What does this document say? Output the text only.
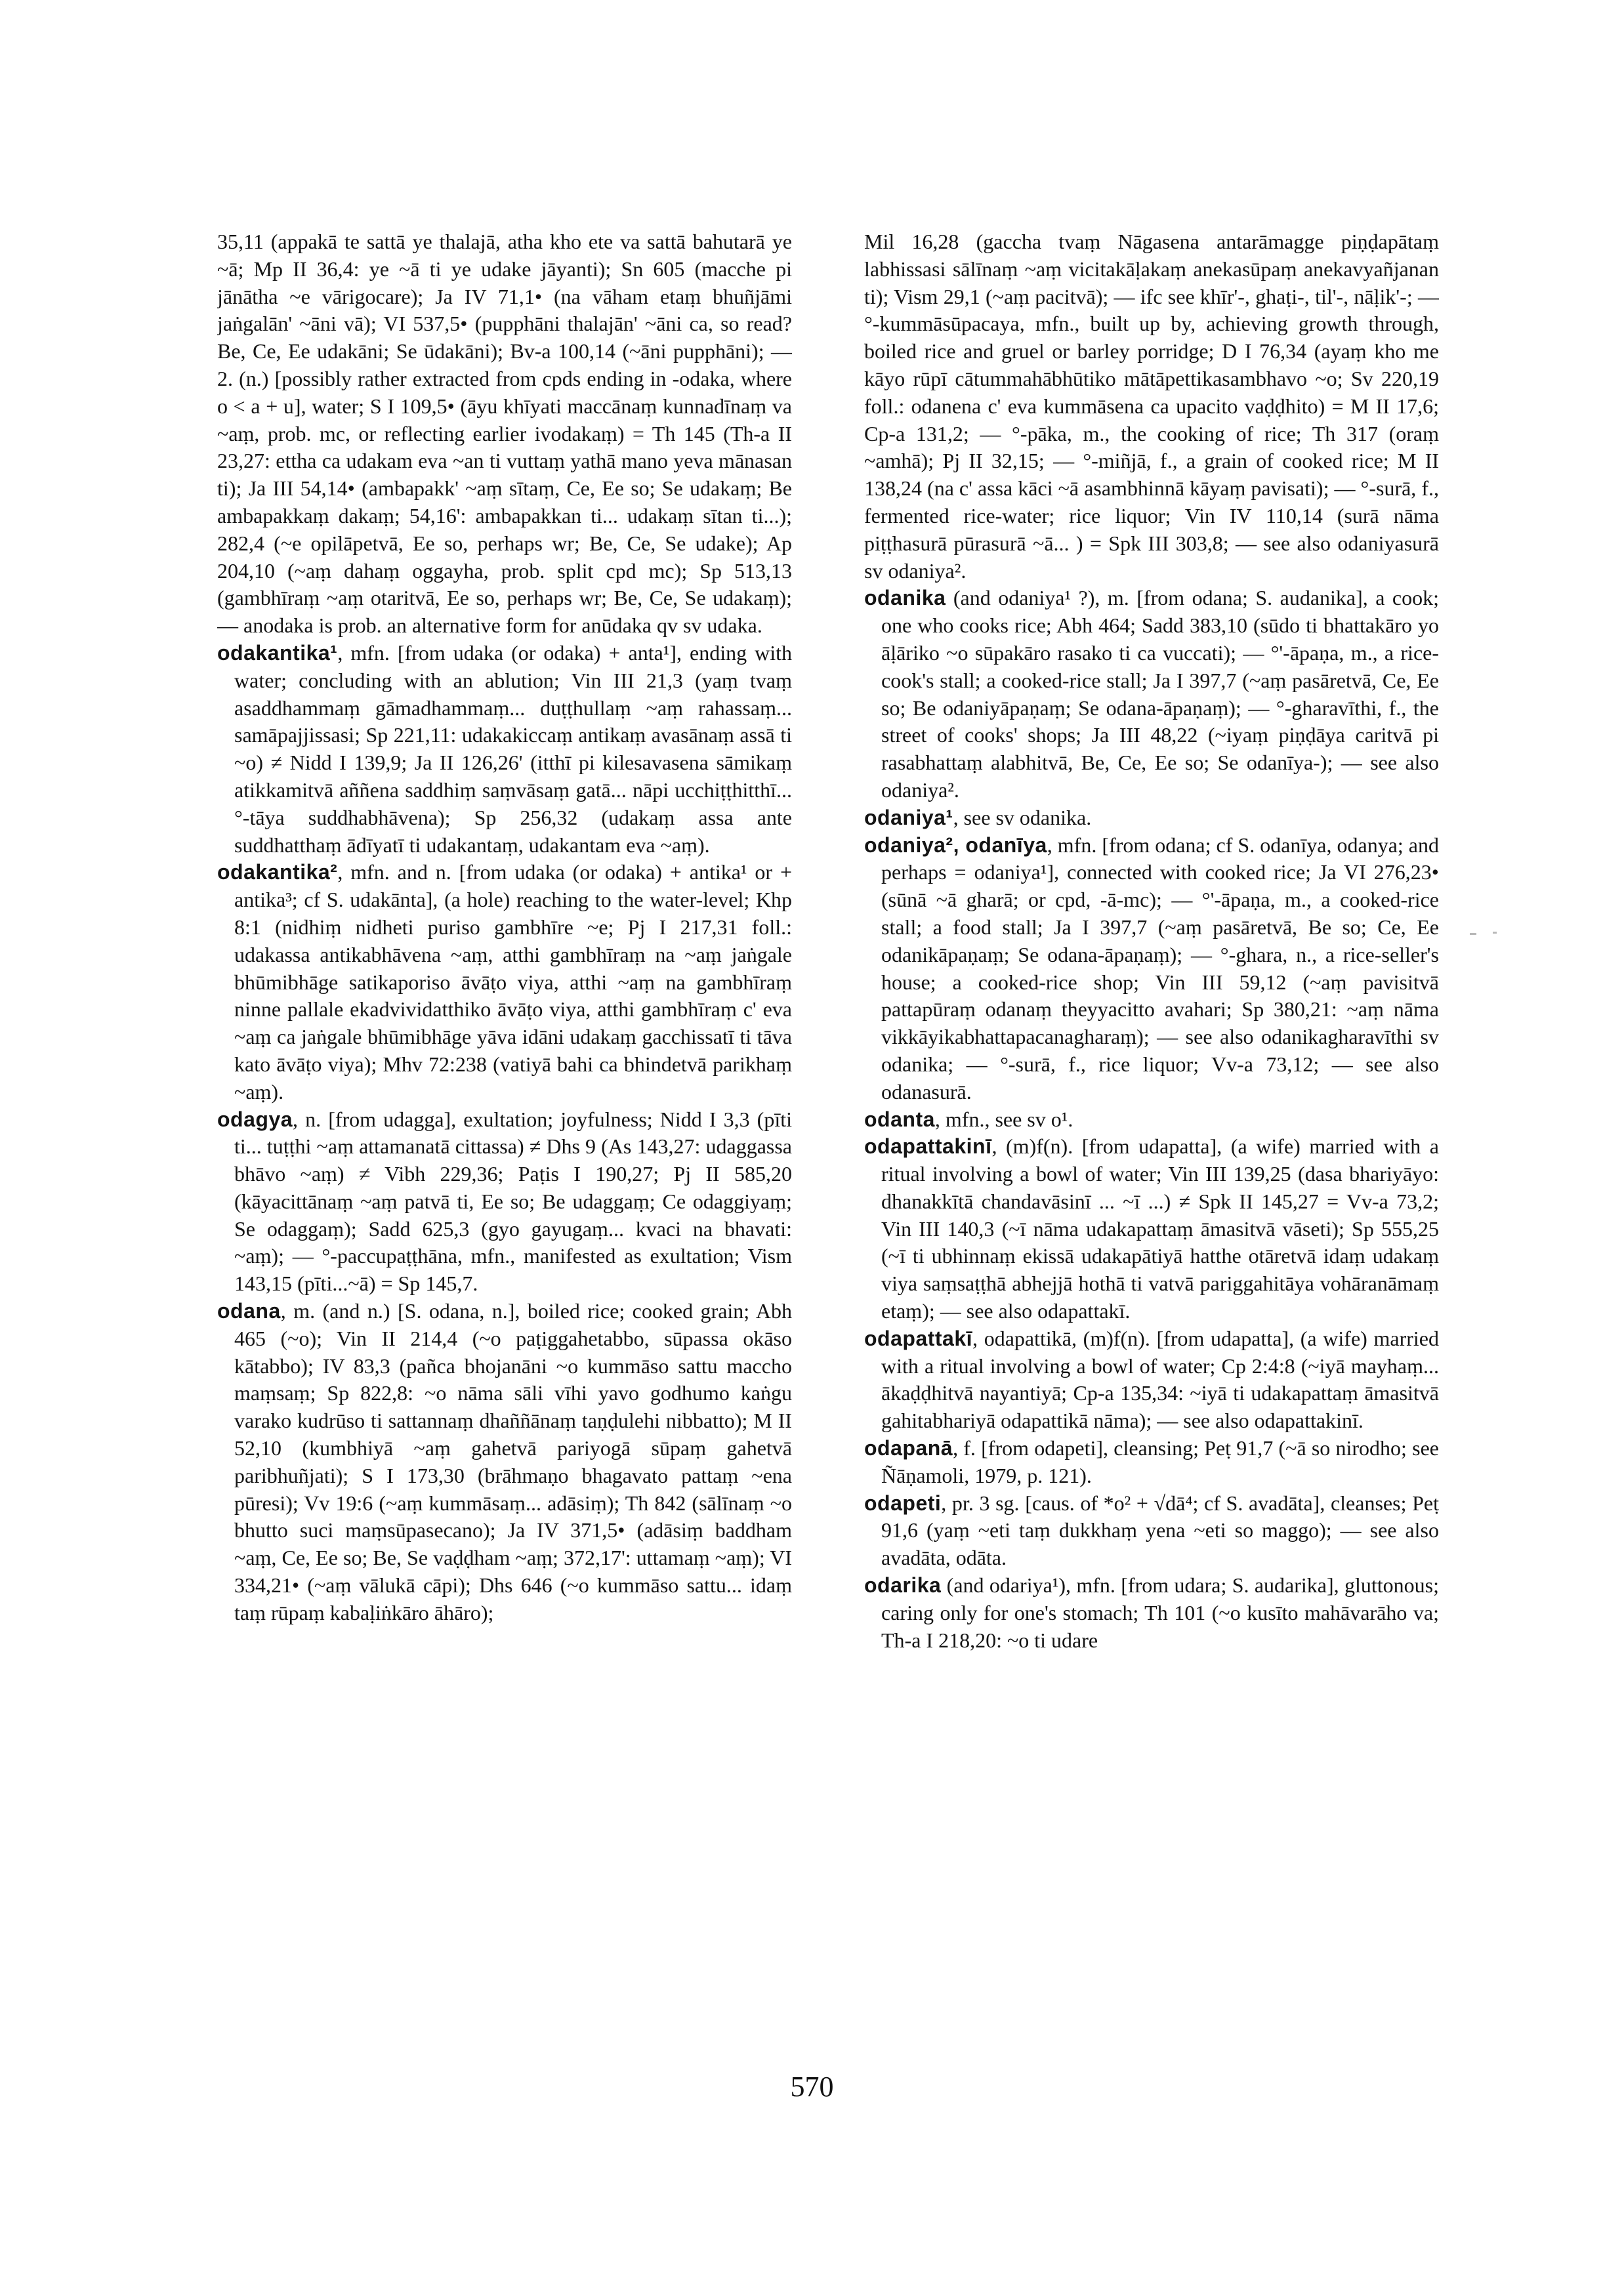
35,11 (appakā te sattā ye thalajā, atha kho ete va sattā bahutarā ye ~ā; Mp II 36,4: ye ~ā ti ye udake jāyanti); Sn 605 (macche pi jānātha ~e vārigocare); Ja IV 71,1• (na vāham etaṃ bhuñjāmi jaṅgalān' ~āni vā); VI 537,5• (pupphāni thalajān' ~āni ca, so read? Be, Ce, Ee udakāni; Se ūdakāni); Bv-a 100,14 (~āni pupphāni); — 2. (n.) [possibly rather extracted from cpds ending in -odaka, where o < a + u], water; S I 109,5• (āyu khīyati maccānaṃ kunnadīnaṃ va ~aṃ, prob. mc, or reflecting earlier ivodakaṃ) = Th 145 (Th-a II 23,27: ettha ca udakam eva ~an ti vuttaṃ yathā mano yeva mānasan ti); Ja III 54,14• (ambapakk' ~aṃ sītaṃ, Ce, Ee so; Se udakaṃ; Be ambapakkaṃ dakaṃ; 54,16': ambapakkan ti... udakaṃ sītan ti...); 282,4 (~e opilāpetvā, Ee so, perhaps wr; Be, Ce, Se udake); Ap 204,10 (~aṃ dahaṃ oggayha, prob. split cpd mc); Sp 513,13 (gambhīraṃ ~aṃ otaritvā, Ee so, perhaps wr; Be, Ce, Se udakaṃ); — anodaka is prob. an alternative form for anūdaka qv sv udaka.

odakantika¹, mfn. [from udaka (or odaka) + anta¹], ending with water; concluding with an ablution; Vin III 21,3 (yaṃ tvaṃ asaddhammaṃ gāmadhammaṃ... duṭṭhullaṃ ~aṃ rahassaṃ... samāpajjissasi; Sp 221,11: udakakiccaṃ antikaṃ avasānaṃ assā ti ~o) ≠ Nidd I 139,9; Ja II 126,26' (itthī pi kilesavasena sāmikaṃ atikkamitvā aññena saddhiṃ saṃvāsaṃ gatā... nāpi ucchiṭṭhitthī... °-tāya suddhabhāvena); Sp 256,32 (udakaṃ assa ante suddhatthaṃ ādīyatī ti udakantaṃ, udakantam eva ~aṃ).

odakantika², mfn. and n. [from udaka (or odaka) + antika¹ or + antika³; cf S. udakānta], (a hole) reaching to the water-level; Khp 8:1 (nidhiṃ nidheti puriso gambhīre ~e; Pj I 217,31 foll.: udakassa antikabhāvena ~aṃ, atthi gambhīraṃ na ~aṃ jaṅgale bhūmibhāge satikaporiso āvāṭo viya, atthi ~aṃ na gambhīraṃ ninne pallale ekadvividatthiko āvāṭo viya, atthi gambhīraṃ c' eva ~aṃ ca jaṅgale bhūmibhāge yāva idāni udakaṃ gacchissatī ti tāva kato āvāṭo viya); Mhv 72:238 (vatiyā bahi ca bhindetvā parikhaṃ ~aṃ).

odagya, n. [from udagga], exultation; joyfulness; Nidd I 3,3 (pīti ti... tuṭṭhi ~aṃ attamanatā cittassa) ≠ Dhs 9 (As 143,27: udaggassa bhāvo ~aṃ) ≠ Vibh 229,36; Paṭis I 190,27; Pj II 585,20 (kāyacittānaṃ ~aṃ patvā ti, Ee so; Be udaggaṃ; Ce odaggiyaṃ; Se odaggaṃ); Sadd 625,3 (gyo gayugaṃ... kvaci na bhavati: ~aṃ); — °-paccupaṭṭhāna, mfn., manifested as exultation; Vism 143,15 (pīti...~ā) = Sp 145,7.

odana, m. (and n.) [S. odana, n.], boiled rice; cooked grain; Abh 465 (~o); Vin II 214,4 (~o paṭiggahetabbo, sūpassa okāso kātabbo); IV 83,3 (pañca bhojanāni ~o kummāso sattu maccho maṃsaṃ; Sp 822,8: ~o nāma sāli vīhi yavo godhumo kaṅgu varako kudrūso ti sattannaṃ dhaññānaṃ taṇḍulehi nibbatto); M II 52,10 (kumbhiyā ~aṃ gahetvā pariyogā sūpaṃ gahetvā paribhuñjati); S I 173,30 (brāhmaṇo bhagavato pattaṃ ~ena pūresi); Vv 19:6 (~aṃ kummāsaṃ... adāsiṃ); Th 842 (sālīnaṃ ~o bhutto suci maṃsūpasecano); Ja IV 371,5• (adāsiṃ baddham ~aṃ, Ce, Ee so; Be, Se vaḍḍham ~aṃ; 372,17': uttamaṃ ~aṃ); VI 334,21• (~aṃ vālukā cāpi); Dhs 646 (~o kummāso sattu... idaṃ taṃ rūpaṃ kabaḷiṅkāro āhāro);

Mil 16,28 (gaccha tvaṃ Nāgasena antarāmagge piṇḍapātaṃ labhissasi sālīnaṃ ~aṃ vicitakāḷakaṃ anekasūpaṃ anekavyañjanan ti); Vism 29,1 (~aṃ pacitvā); — ifc see khīr'-, ghaṭi-, til'-, nāḷik'-; — °-kummāsūpacaya, mfn., built up by, achieving growth through, boiled rice and gruel or barley porridge; D I 76,34 (ayaṃ kho me kāyo rūpī cātummahābhūtiko mātāpettikasambhavo ~o; Sv 220,19 foll.: odanena c' eva kummāsena ca upacito vaḍḍhito) = M II 17,6; Cp-a 131,2; — °-pāka, m., the cooking of rice; Th 317 (oraṃ ~amhā); Pj II 32,15; — °-miñjā, f., a grain of cooked rice; M II 138,24 (na c' assa kāci ~ā asambhinnā kāyaṃ pavisati); — °-surā, f., fermented rice-water; rice liquor; Vin IV 110,14 (surā nāma piṭṭhasurā pūrasurā ~ā... ) = Spk III 303,8; — see also odaniyasurā sv odaniya².

odanika (and odaniya¹ ?), m. [from odana; S. audanika], a cook; one who cooks rice; Abh 464; Sadd 383,10 (sūdo ti bhattakāro yo āḷāriko ~o sūpakāro rasako ti ca vuccati); — °'-āpaṇa, m., a rice-cook's stall; a cooked-rice stall; Ja I 397,7 (~aṃ pasāretvā, Ce, Ee so; Be odaniyāpaṇaṃ; Se odana-āpaṇaṃ); — °-gharavīthi, f., the street of cooks' shops; Ja III 48,22 (~iyaṃ piṇḍāya caritvā pi rasabhattaṃ alabhitvā, Be, Ce, Ee so; Se odanīya-); — see also odaniya².

odaniya¹, see sv odanika.

odaniya², odanīya, mfn. [from odana; cf S. odanīya, odanya; and perhaps = odaniya¹], connected with cooked rice; Ja VI 276,23• (sūnā ~ā gharā; or cpd, -ā-mc); — °'-āpaṇa, m., a cooked-rice stall; a food stall; Ja I 397,7 (~aṃ pasāretvā, Be so; Ce, Ee odanikāpaṇaṃ; Se odana-āpaṇaṃ); — °-ghara, n., a rice-seller's house; a cooked-rice shop; Vin III 59,12 (~aṃ pavisitvā pattapūraṃ odanaṃ theyyacitto avahari; Sp 380,21: ~aṃ nāma vikkāyikabhattapacanagharaṃ); — see also odanikagharavīthi sv odanika; — °-surā, f., rice liquor; Vv-a 73,12; — see also odanasurā.

odanta, mfn., see sv o¹.

odapattakinī, (m)f(n). [from udapatta], (a wife) married with a ritual involving a bowl of water; Vin III 139,25 (dasa bhariyāyo: dhanakkītā chandavāsinī ... ~ī ...) ≠ Spk II 145,27 = Vv-a 73,2; Vin III 140,3 (~ī nāma udakapattaṃ āmasitvā vāseti); Sp 555,25 (~ī ti ubhinnaṃ ekissā udakapātiyā hatthe otāretvā idaṃ udakaṃ viya saṃsaṭṭhā abhejjā hothā ti vatvā pariggahitāya vohāranāmaṃ etaṃ); — see also odapattakī.

odapattakī, odapattikā, (m)f(n). [from udapatta], (a wife) married with a ritual involving a bowl of water; Cp 2:4:8 (~iyā mayhaṃ... ākaḍḍhitvā nayantiyā; Cp-a 135,34: ~iyā ti udakapattaṃ āmasitvā gahitabhariyā odapattikā nāma); — see also odapattakinī.

odapanā, f. [from odapeti], cleansing; Peṭ 91,7 (~ā so nirodho; see Ñāṇamoli, 1979, p. 121).

odapeti, pr. 3 sg. [caus. of *o² + √dā⁴; cf S. avadāta], cleanses; Peṭ 91,6 (yaṃ ~eti taṃ dukkhaṃ yena ~eti so maggo); — see also avadāta, odāta.

odarika (and odariya¹), mfn. [from udara; S. audarika], gluttonous; caring only for one's stomach; Th 101 (~o kusīto mahāvarāho va; Th-a I 218,20: ~o ti udare

570
